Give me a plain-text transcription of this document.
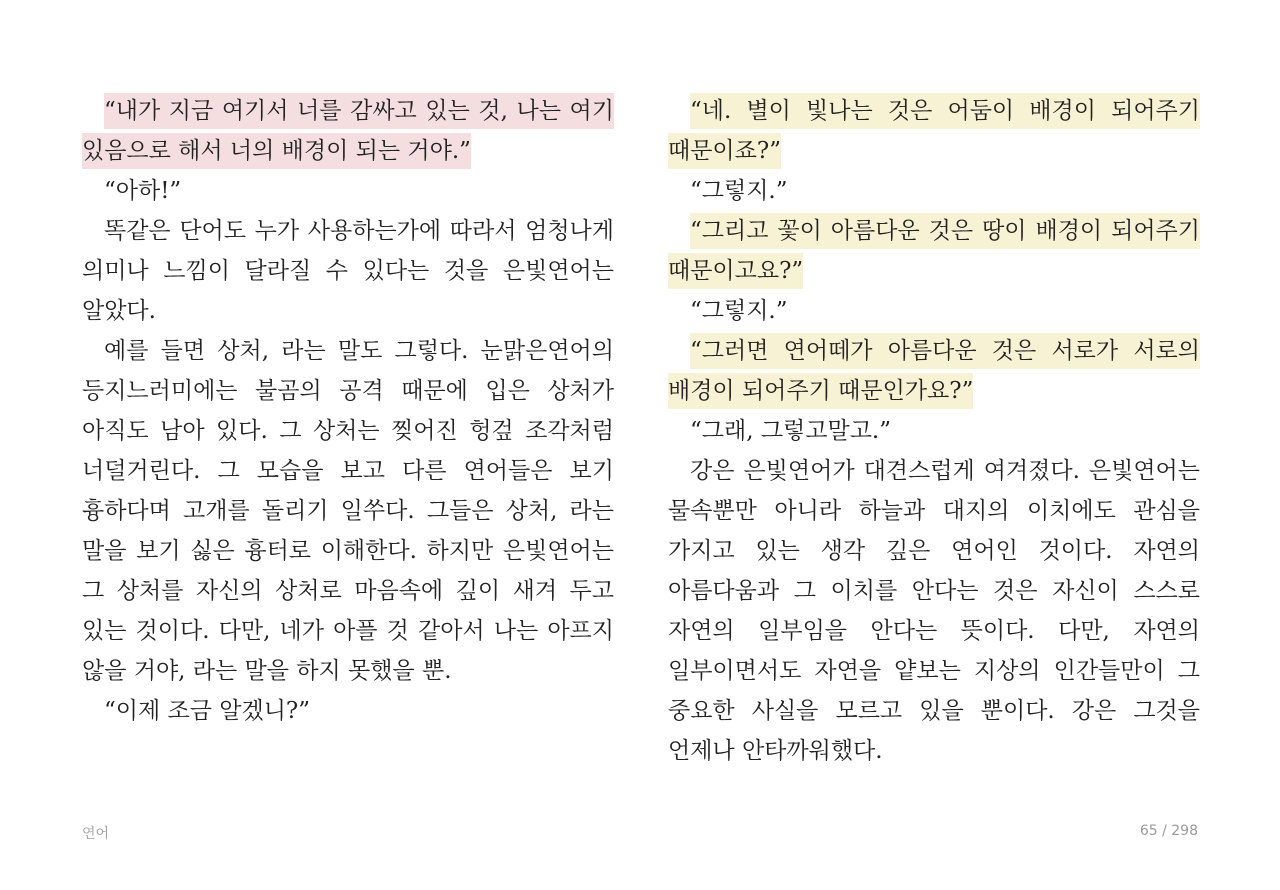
“내가 지금 여기서 너를 감싸고 있는 것, 나는 여기 있음으로 해서 너의 배경이 되는 거야.”

“아하!”

똑같은 단어도 누가 사용하는가에 따라서 엄청나게 의미나 느낌이 달라질 수 있다는 것을 은빛연어는 알았다.

예를 들면 상처, 라는 말도 그렇다. 눈맑은연어의 등지느러미에는 불곰의 공격 때문에 입은 상처가 아직도 남아 있다. 그 상처는 찢어진 헝겊 조각처럼 너덜거린다. 그 모습을 보고 다른 연어들은 보기 흉하다며 고개를 돌리기 일쑤다. 그들은 상처, 라는 말을 보기 싫은 흉터로 이해한다. 하지만 은빛연어는 그 상처를 자신의 상처로 마음속에 깊이 새겨 두고 있는 것이다. 다만, 네가 아플 것 같아서 나는 아프지 않을 거야, 라는 말을 하지 못했을 뿐.

“이제 조금 알겠니?”

“네. 별이 빛나는 것은 어둠이 배경이 되어주기 때문이죠?”

“그렇지.”

“그리고 꽃이 아름다운 것은 땅이 배경이 되어주기 때문이고요?”

“그렇지.”

“그러면 연어떼가 아름다운 것은 서로가 서로의 배경이 되어주기 때문인가요?”

“그래, 그렇고말고.”

강은 은빛연어가 대견스럽게 여겨졌다. 은빛연어는 물속뿐만 아니라 하늘과 대지의 이치에도 관심을 가지고 있는 생각 깊은 연어인 것이다. 자연의 아름다움과 그 이치를 안다는 것은 자신이 스스로 자연의 일부임을 안다는 뜻이다. 다만, 자연의 일부이면서도 자연을 얕보는 지상의 인간들만이 그 중요한 사실을 모르고 있을 뿐이다. 강은 그것을 언제나 안타까워했다.

연어	65 / 298
